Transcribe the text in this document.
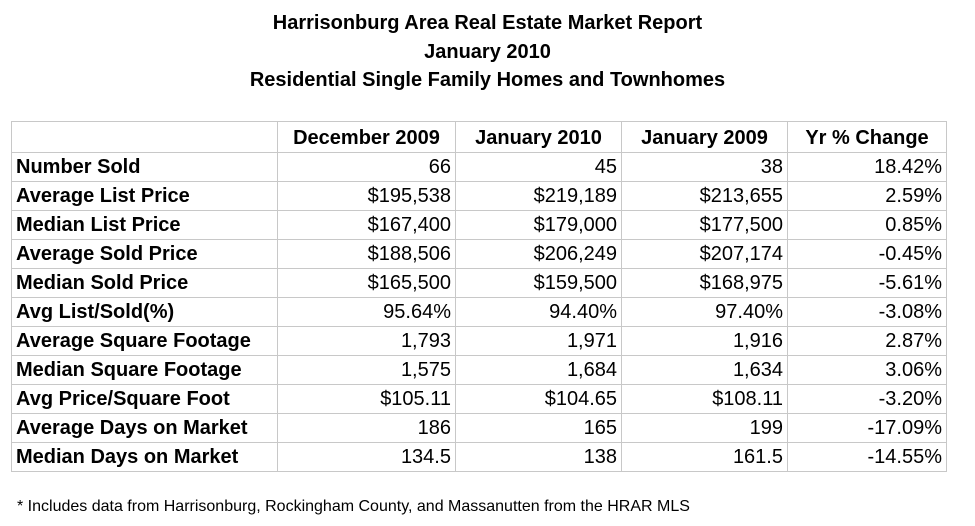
Harrisonburg Area Real Estate Market Report
January 2010
Residential Single Family Homes and Townhomes
	December 2009	January 2010	January 2009	Yr % Change
Number Sold	66	45	38	18.42%
Average List Price	$195,538	$219,189	$213,655	2.59%
Median List Price	$167,400	$179,000	$177,500	0.85%
Average Sold Price	$188,506	$206,249	$207,174	-0.45%
Median Sold Price	$165,500	$159,500	$168,975	-5.61%
Avg List/Sold(%)	95.64%	94.40%	97.40%	-3.08%
Average Square Footage	1,793	1,971	1,916	2.87%
Median Square Footage	1,575	1,684	1,634	3.06%
Avg Price/Square Foot	$105.11	$104.65	$108.11	-3.20%
Average Days on Market	186	165	199	-17.09%
Median Days on Market	134.5	138	161.5	-14.55%
* Includes data from Harrisonburg, Rockingham County, and Massanutten from the HRAR MLS
